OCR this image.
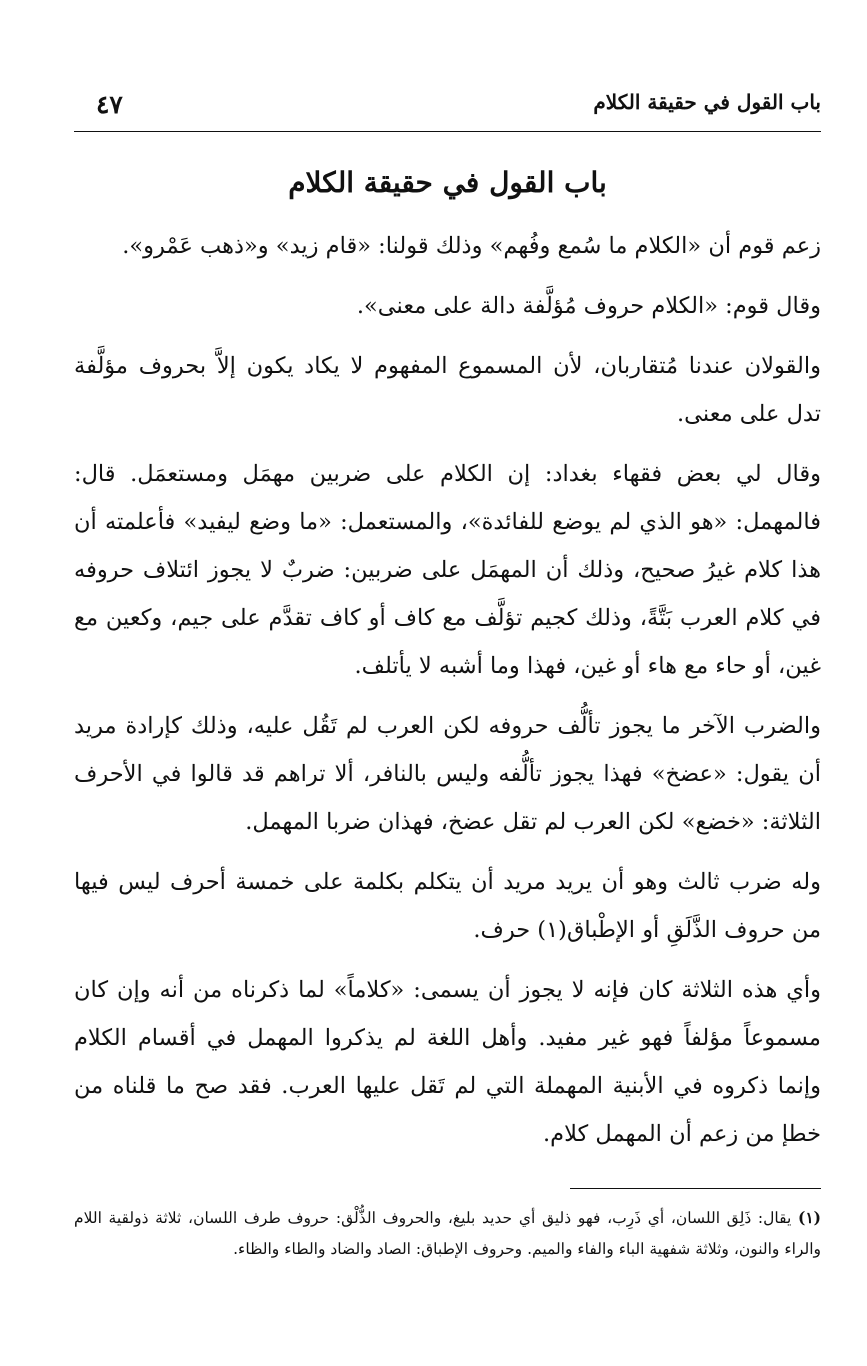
باب القول في حقيقة الكلام
٤٧
باب القول في حقيقة الكلام

زعم قوم أن «الكلام ما سُمع وفُهم» وذلك قولنا: «قام زيد» و«ذهب عَمْرو».

وقال قوم: «الكلام حروف مُؤلَّفة دالة على معنى».

والقولان عندنا مُتقاربان، لأن المسموع المفهوم لا يكاد يكون إلاَّ بحروف مؤلَّفة تدل على معنى.

وقال لي بعض فقهاء بغداد: إن الكلام على ضربين مهمَل ومستعمَل. قال: فالمهمل: «هو الذي لم يوضع للفائدة»، والمستعمل: «ما وضع ليفيد» فأعلمته أن هذا كلام غيرُ صحيح، وذلك أن المهمَل على ضربين: ضربٌ لا يجوز ائتلاف حروفه في كلام العرب بَتَّةً، وذلك كجيم تؤلَّف مع كاف أو كاف تقدَّم على جيم، وكعين مع غين، أو حاء مع هاء أو غين، فهذا وما أشبه لا يأتلف.

والضرب الآخر ما يجوز تألُّف حروفه لكن العرب لم تَقُل عليه، وذلك كإرادة مريد أن يقول: «عضخ» فهذا يجوز تألُّفه وليس بالنافر، ألا تراهم قد قالوا في الأحرف الثلاثة: «خضع» لكن العرب لم تقل عضخ، فهذان ضربا المهمل.

وله ضرب ثالث وهو أن يريد مريد أن يتكلم بكلمة على خمسة أحرف ليس فيها من حروف الذَّلَقِ أو الإطْباق(١) حرف.

وأي هذه الثلاثة كان فإنه لا يجوز أن يسمى: «كلاماً» لما ذكرناه من أنه وإن كان مسموعاً مؤلفاً فهو غير مفيد. وأهل اللغة لم يذكروا المهمل في أقسام الكلام وإنما ذكروه في الأبنية المهملة التي لم تَقل عليها العرب. فقد صح ما قلناه من خطإ من زعم أن المهمل كلام.

(١) يقال: ذَلِق اللسان، أي ذَرِب، فهو ذليق أي حديد بليغ، والحروف الذُّلْق: حروف طرف اللسان، ثلاثة ذولقية اللام والراء والنون، وثلاثة شفهية الباء والفاء والميم. وحروف الإطباق: الصاد والضاد والطاء والظاء.
